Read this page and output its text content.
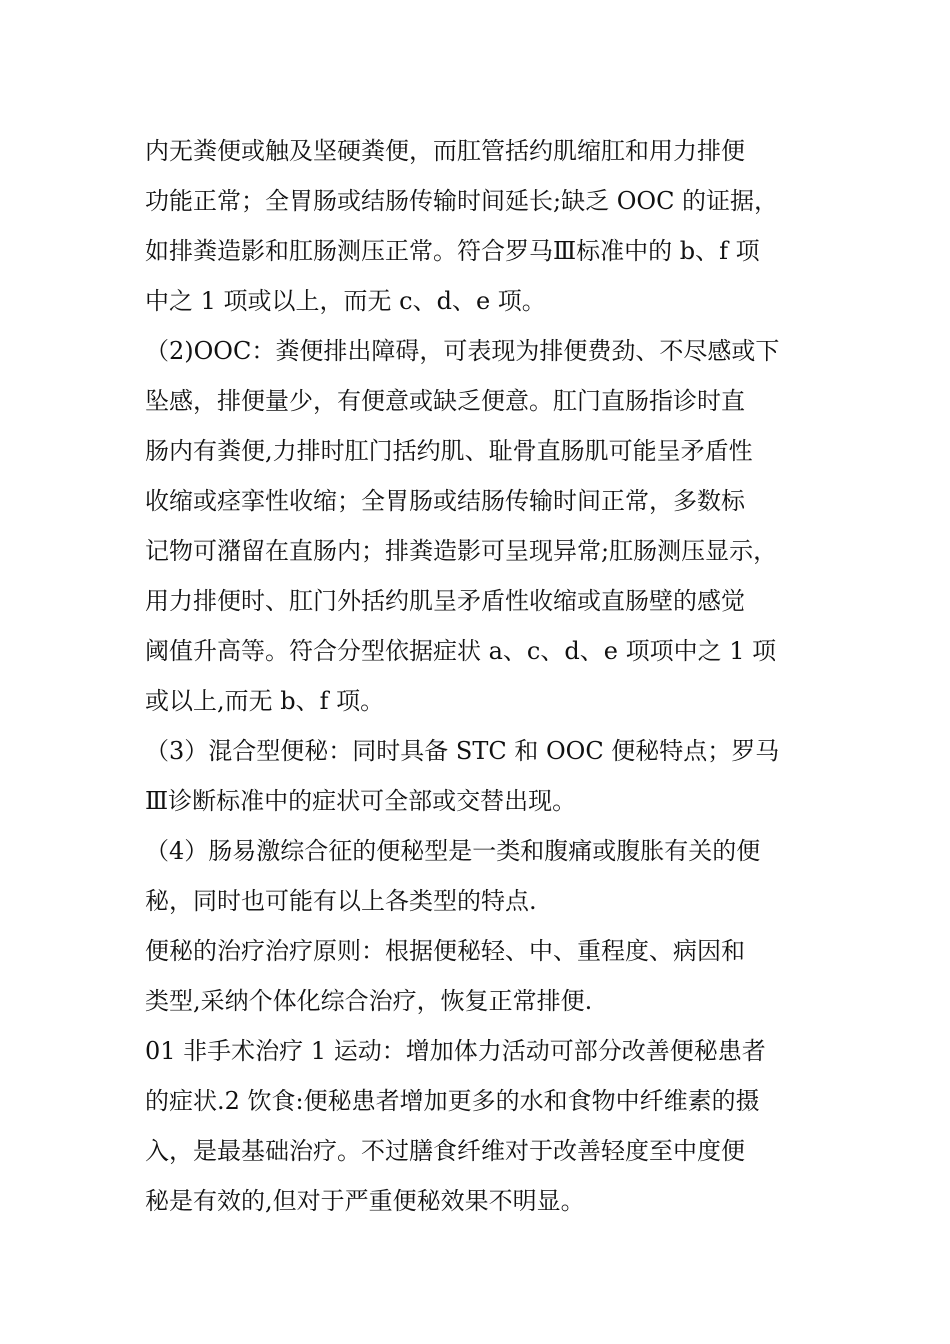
内无粪便或触及坚硬粪便，而肛管括约肌缩肛和用力排便
功能正常；全胃肠或结肠传输时间延长;缺乏 OOC 的证据，
如排粪造影和肛肠测压正常。符合罗马Ⅲ标准中的 b、f 项
中之 1 项或以上，而无 c、d、e 项。
（2)OOC：粪便排出障碍，可表现为排便费劲、不尽感或下
坠感，排便量少，有便意或缺乏便意。肛门直肠指诊时直
肠内有粪便,力排时肛门括约肌、耻骨直肠肌可能呈矛盾性
收缩或痉挛性收缩；全胃肠或结肠传输时间正常，多数标
记物可潴留在直肠内；排粪造影可呈现异常;肛肠测压显示，
用力排便时、肛门外括约肌呈矛盾性收缩或直肠壁的感觉
阈值升高等。符合分型依据症状 a、c、d、e 项项中之 1 项
或以上,而无 b、f 项。
（3）混合型便秘：同时具备 STC 和 OOC 便秘特点；罗马
Ⅲ诊断标准中的症状可全部或交替出现。
（4）肠易激综合征的便秘型是一类和腹痛或腹胀有关的便
秘，同时也可能有以上各类型的特点.
便秘的治疗治疗原则：根据便秘轻、中、重程度、病因和
类型,采纳个体化综合治疗，恢复正常排便.
01 非手术治疗 1 运动：增加体力活动可部分改善便秘患者
的症状.2 饮食:便秘患者增加更多的水和食物中纤维素的摄
入，是最基础治疗。不过膳食纤维对于改善轻度至中度便
秘是有效的,但对于严重便秘效果不明显。
